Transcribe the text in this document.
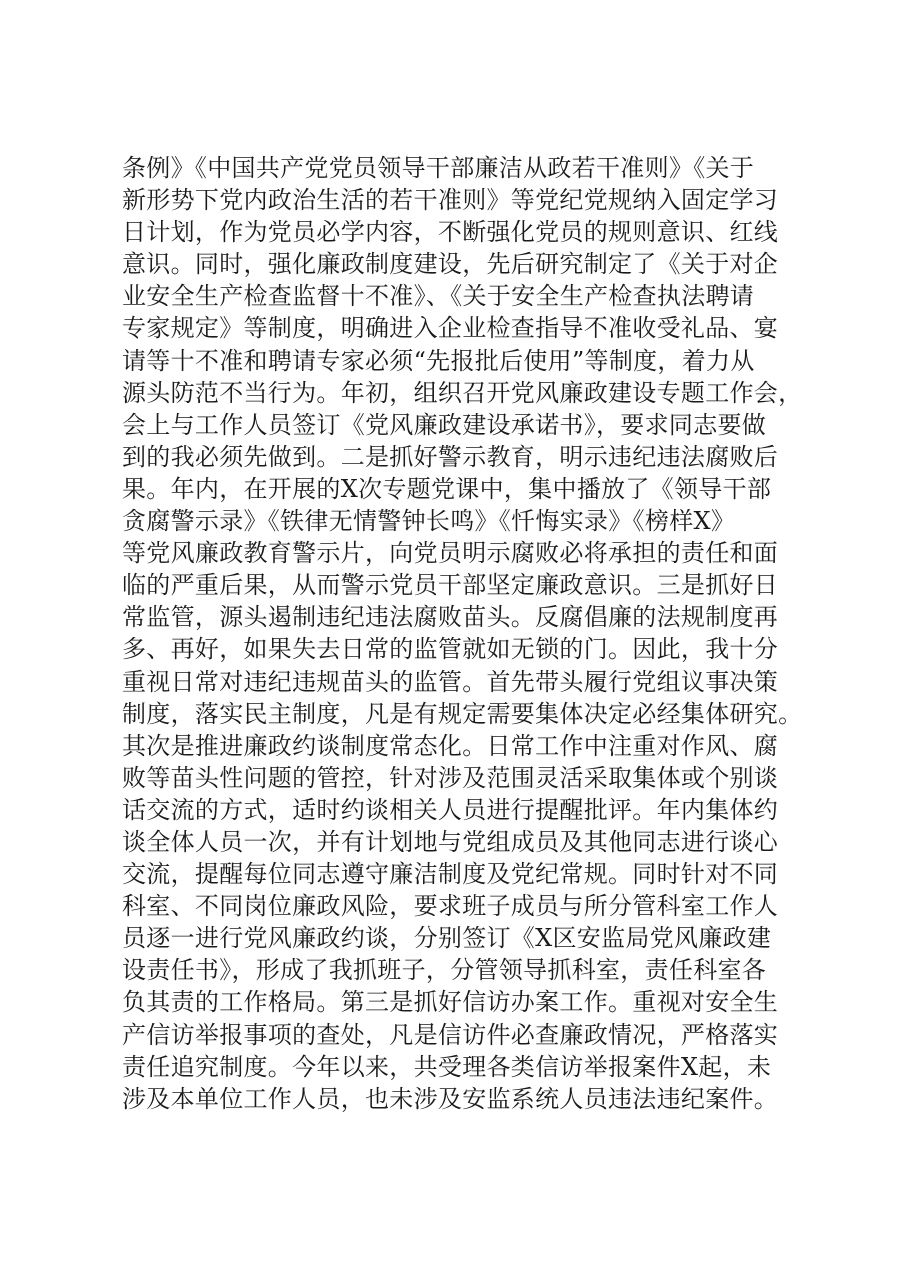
条例》《中国共产党党员领导干部廉洁从政若干准则》《关于
新形势下党内政治生活的若干准则》等党纪党规纳入固定学习
日计划，作为党员必学内容，不断强化党员的规则意识、红线
意识。同时，强化廉政制度建设，先后研究制定了《关于对企
业安全生产检查监督十不准》、《关于安全生产检查执法聘请
专家规定》等制度，明确进入企业检查指导不准收受礼品、宴
请等十不准和聘请专家必须“先报批后使用”等制度，着力从
源头防范不当行为。年初，组织召开党风廉政建设专题工作会，
会上与工作人员签订《党风廉政建设承诺书》，要求同志要做
到的我必须先做到。二是抓好警示教育，明示违纪违法腐败后
果。年内，在开展的X次专题党课中，集中播放了《领导干部
贪腐警示录》《铁律无情警钟长鸣》《忏悔实录》《榜样X》
等党风廉政教育警示片，向党员明示腐败必将承担的责任和面
临的严重后果，从而警示党员干部坚定廉政意识。三是抓好日
常监管，源头遏制违纪违法腐败苗头。反腐倡廉的法规制度再
多、再好，如果失去日常的监管就如无锁的门。因此，我十分
重视日常对违纪违规苗头的监管。首先带头履行党组议事决策
制度，落实民主制度，凡是有规定需要集体决定必经集体研究。
其次是推进廉政约谈制度常态化。日常工作中注重对作风、腐
败等苗头性问题的管控，针对涉及范围灵活采取集体或个别谈
话交流的方式，适时约谈相关人员进行提醒批评。年内集体约
谈全体人员一次，并有计划地与党组成员及其他同志进行谈心
交流，提醒每位同志遵守廉洁制度及党纪常规。同时针对不同
科室、不同岗位廉政风险，要求班子成员与所分管科室工作人
员逐一进行党风廉政约谈，分别签订《X区安监局党风廉政建
设责任书》，形成了我抓班子，分管领导抓科室，责任科室各
负其责的工作格局。第三是抓好信访办案工作。重视对安全生
产信访举报事项的查处，凡是信访件必查廉政情况，严格落实
责任追究制度。今年以来，共受理各类信访举报案件X起，未
涉及本单位工作人员，也未涉及安监系统人员违法违纪案件。
